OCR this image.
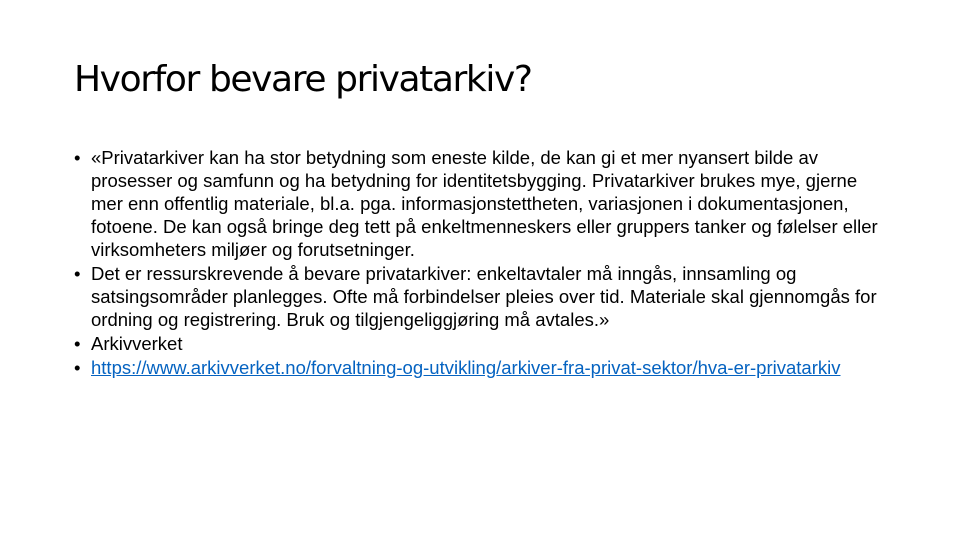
Hvorfor bevare privatarkiv?
• «Privatarkiver kan ha stor betydning som eneste kilde, de kan gi et mer nyansert bilde av prosesser og samfunn og ha betydning for identitetsbygging. Privatarkiver brukes mye, gjerne mer enn offentlig materiale, bl.a. pga. informasjonstettheten, variasjonen i dokumentasjonen, fotoene. De kan også bringe deg tett på enkeltmenneskers eller gruppers tanker og følelser eller virksomheters miljøer og forutsetninger.
• Det er ressurskrevende å bevare privatarkiver: enkeltavtaler må inngås, innsamling og satsingsområder planlegges. Ofte må forbindelser pleies over tid. Materiale skal gjennomgås for ordning og registrering. Bruk og tilgjengeliggjøring må avtales.»
• Arkivverket
• https://www.arkivverket.no/forvaltning-og-utvikling/arkiver-fra-privat-sektor/hva-er-privatarkiv
